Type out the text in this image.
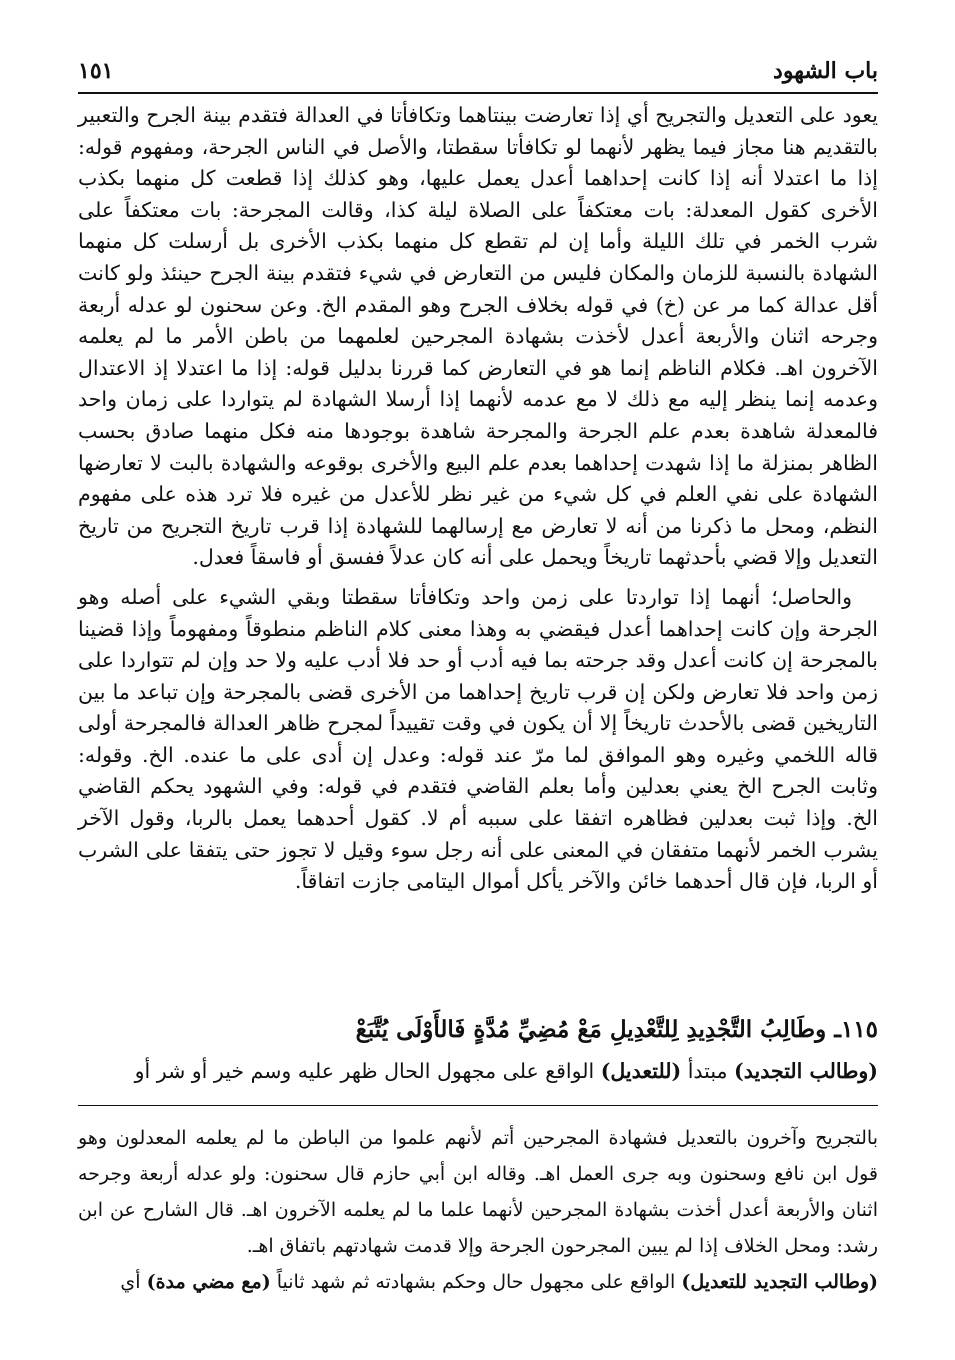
١٥١	باب الشهود

يعود على التعديل والتجريح أي إذا تعارضت بينتاهما وتكافأتا في العدالة فتقدم بينة الجرح والتعبير بالتقديم هنا مجاز فيما يظهر لأنهما لو تكافأتا سقطتا، والأصل في الناس الجرحة، ومفهوم قوله: إذا ما اعتدلا أنه إذا كانت إحداهما أعدل يعمل عليها، وهو كذلك إذا قطعت كل منهما بكذب الأخرى كقول المعدلة: بات معتكفاً على الصلاة ليلة كذا، وقالت المجرحة: بات معتكفاً على شرب الخمر في تلك الليلة وأما إن لم تقطع كل منهما بكذب الأخرى بل أرسلت كل منهما الشهادة بالنسبة للزمان والمكان فليس من التعارض في شيء فتقدم بينة الجرح حينئذ ولو كانت أقل عدالة كما مر عن (خ) في قوله بخلاف الجرح وهو المقدم الخ. وعن سحنون لو عدله أربعة وجرحه اثنان والأربعة أعدل لأخذت بشهادة المجرحين لعلمهما من باطن الأمر ما لم يعلمه الآخرون اهـ. فكلام الناظم إنما هو في التعارض كما قررنا بدليل قوله: إذا ما اعتدلا إذ الاعتدال وعدمه إنما ينظر إليه مع ذلك لا مع عدمه لأنهما إذا أرسلا الشهادة لم يتواردا على زمان واحد فالمعدلة شاهدة بعدم علم الجرحة والمجرحة شاهدة بوجودها منه فكل منهما صادق بحسب الظاهر بمنزلة ما إذا شهدت إحداهما بعدم علم البيع والأخرى بوقوعه والشهادة بالبت لا تعارضها الشهادة على نفي العلم في كل شيء من غير نظر للأعدل من غيره فلا ترد هذه على مفهوم النظم، ومحل ما ذكرنا من أنه لا تعارض مع إرسالهما للشهادة إذا قرب تاريخ التجريح من تاريخ التعديل وإلا قضي بأحدثهما تاريخاً ويحمل على أنه كان عدلاً ففسق أو فاسقاً فعدل.

والحاصل؛ أنهما إذا تواردتا على زمن واحد وتكافأتا سقطتا وبقي الشيء على أصله وهو الجرحة وإن كانت إحداهما أعدل فيقضي به وهذا معنى كلام الناظم منطوقاً ومفهوماً وإذا قضينا بالمجرحة إن كانت أعدل وقد جرحته بما فيه أدب أو حد فلا أدب عليه ولا حد وإن لم تتواردا على زمن واحد فلا تعارض ولكن إن قرب تاريخ إحداهما من الأخرى قضى بالمجرحة وإن تباعد ما بين التاريخين قضى بالأحدث تاريخاً إلا أن يكون في وقت تقييداً لمجرح ظاهر العدالة فالمجرحة أولى قاله اللخمي وغيره وهو الموافق لما مرّ عند قوله: وعدل إن أدى على ما عنده. الخ. وقوله: وثابت الجرح الخ يعني بعدلين وأما بعلم القاضي فتقدم في قوله: وفي الشهود يحكم القاضي الخ. وإذا ثبت بعدلين فظاهره اتفقا على سببه أم لا. كقول أحدهما يعمل بالربا، وقول الآخر يشرب الخمر لأنهما متفقان في المعنى على أنه رجل سوء وقيل لا تجوز حتى يتفقا على الشرب أو الربا، فإن قال أحدهما خائن والآخر يأكل أموال اليتامى جازت اتفاقاً.

١١٥ـ وطَالِبُ التَّجْدِيدِ لِلتَّعْدِيلِ مَعْ مُضِيِّ مُدَّةٍ فَالأَوْلَى يُتَّبَعْ
(وطالب التجديد) مبتدأ (للتعديل) الواقع على مجهول الحال ظهر عليه وسم خير أو شر أو
بالتجريح وآخرون بالتعديل فشهادة المجرحين أتم لأنهم علموا من الباطن ما لم يعلمه المعدلون وهو قول ابن نافع وسحنون وبه جرى العمل اهـ. وقاله ابن أبي حازم قال سحنون: ولو عدله أربعة وجرحه اثنان والأربعة أعدل أخذت بشهادة المجرحين لأنهما علما ما لم يعلمه الآخرون اهـ. قال الشارح عن ابن رشد: ومحل الخلاف إذا لم يبين المجرحون الجرحة وإلا قدمت شهادتهم باتفاق اهـ.
(وطالب التجديد للتعديل) الواقع على مجهول حال وحكم بشهادته ثم شهد ثانياً (مع مضي مدة) أي
